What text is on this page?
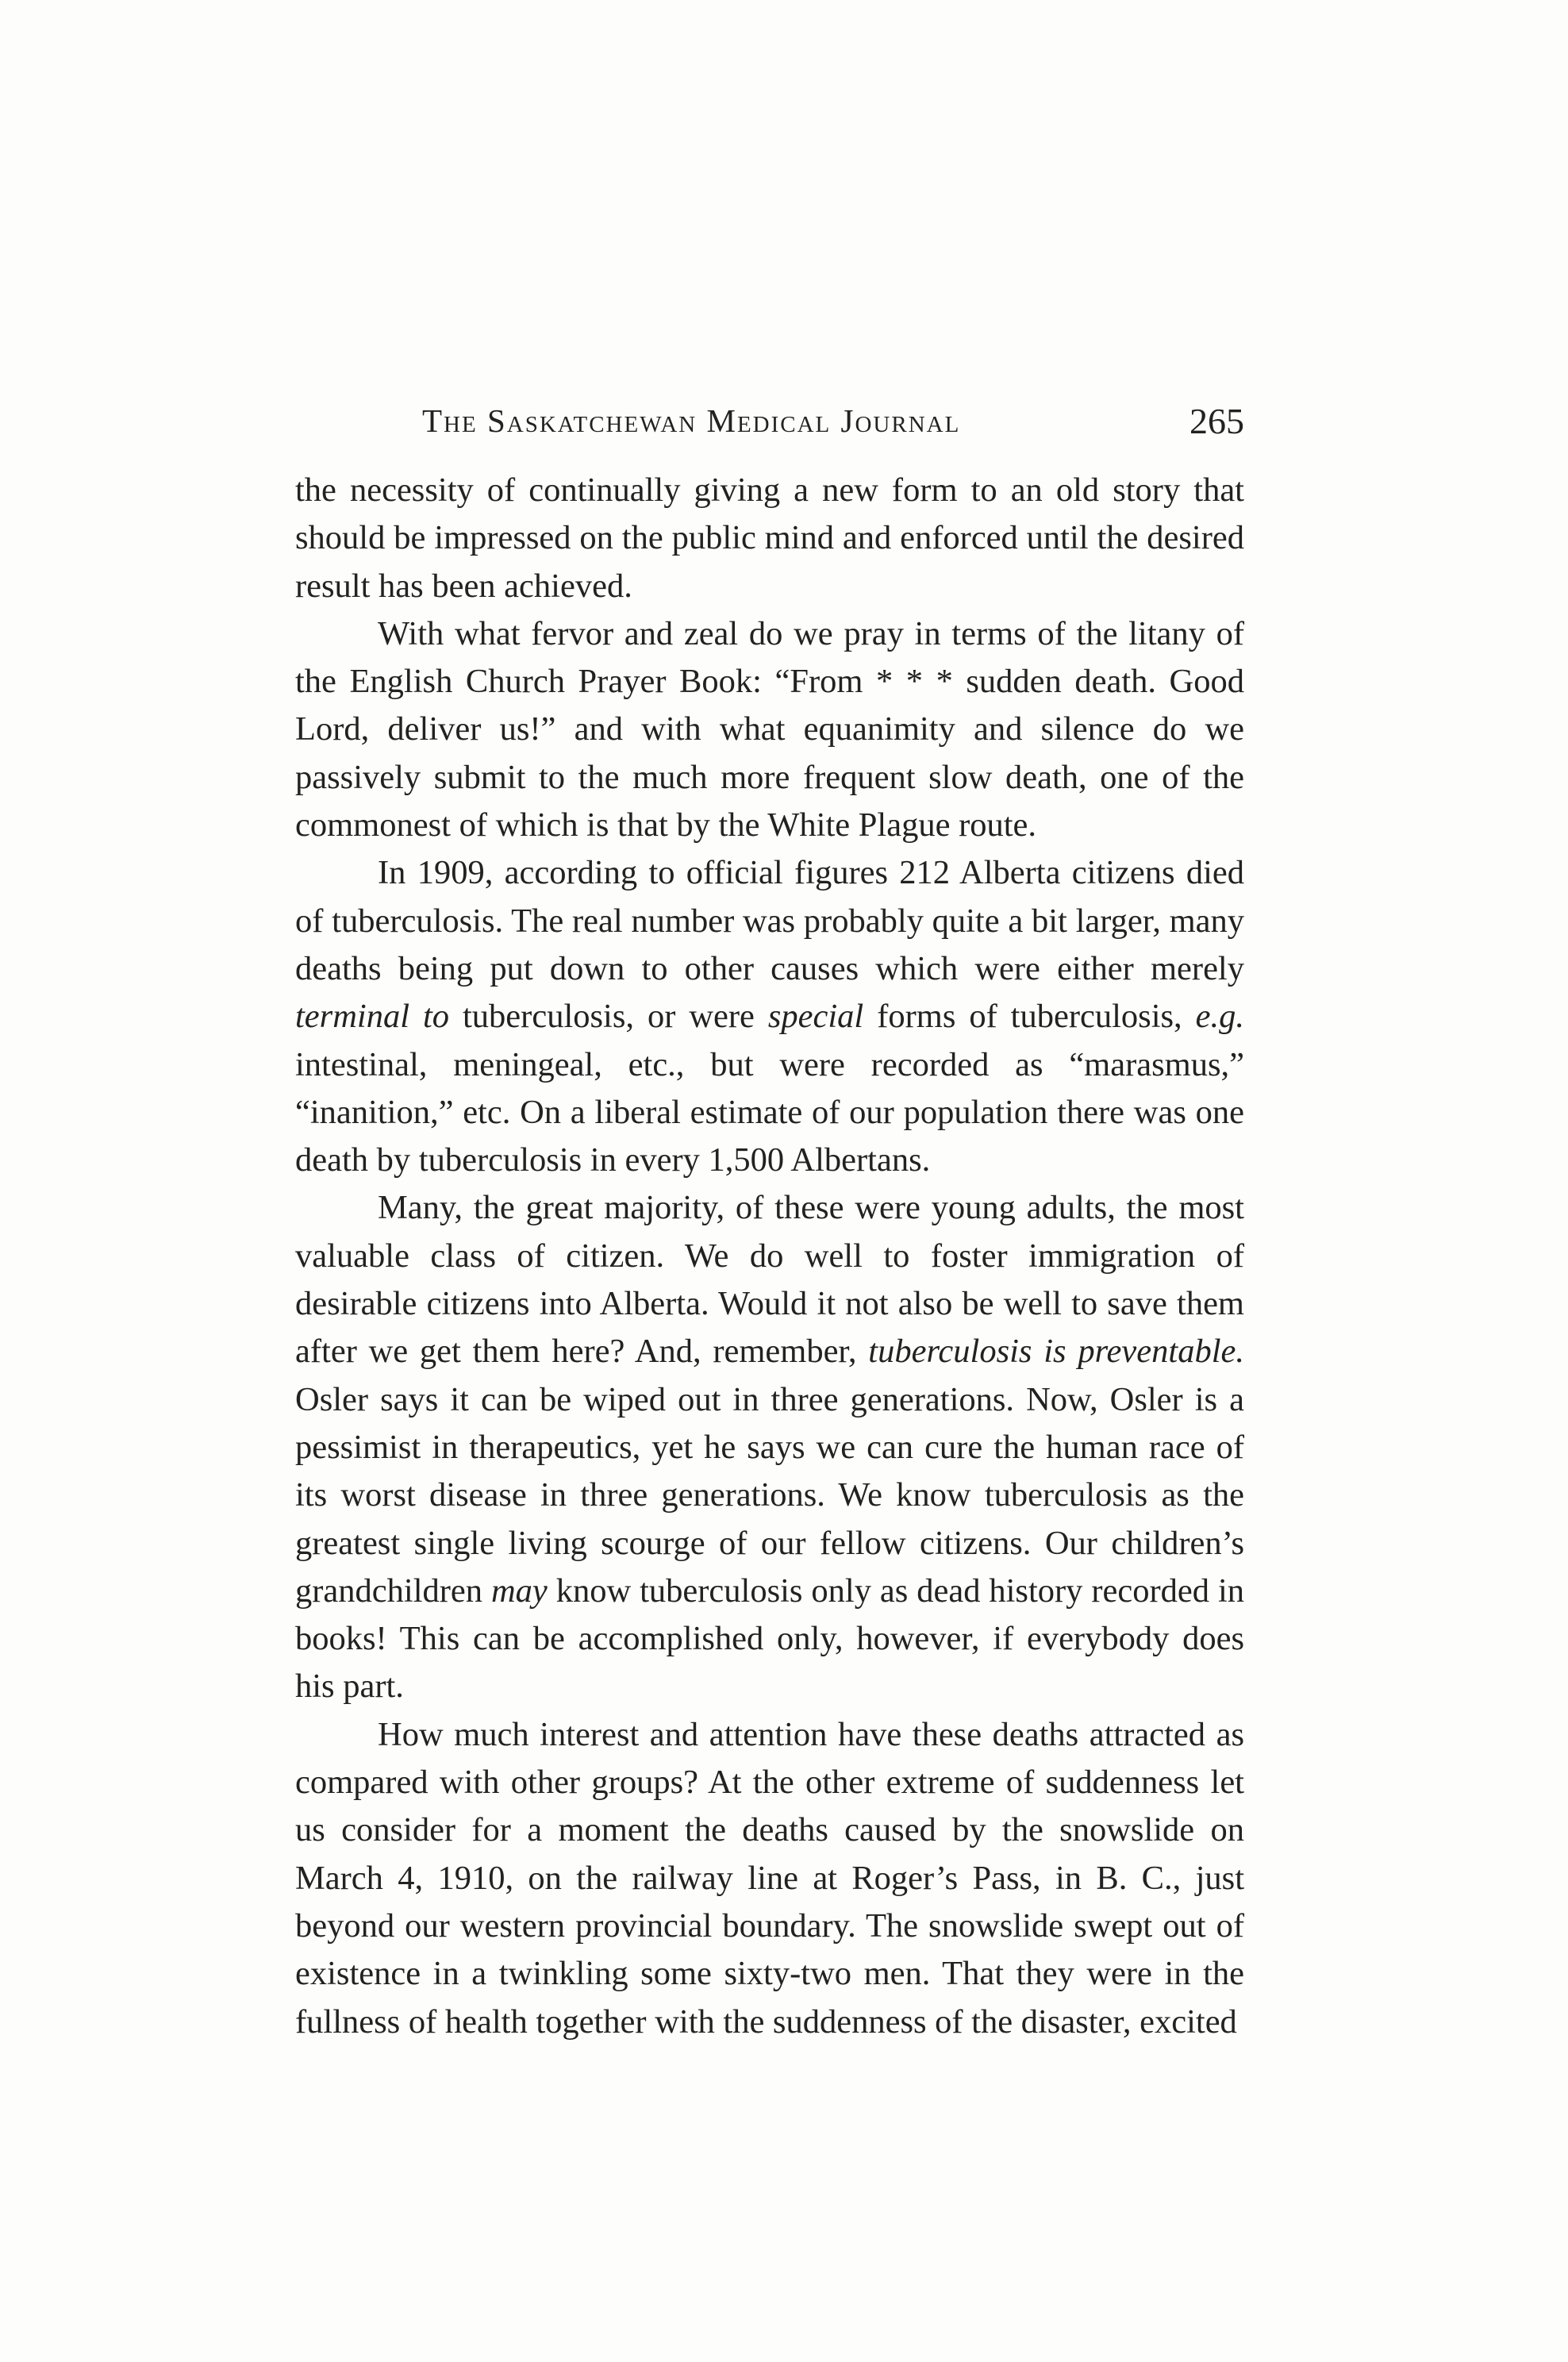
The Saskatchewan Medical Journal	265

the necessity of continually giving a new form to an old story that should be impressed on the public mind and enforced until the desired result has been achieved.

With what fervor and zeal do we pray in terms of the litany of the English Church Prayer Book: “From * * * sudden death. Good Lord, deliver us!” and with what equanimity and silence do we passively submit to the much more frequent slow death, one of the commonest of which is that by the White Plague route.

In 1909, according to official figures 212 Alberta citizens died of tuberculosis. The real number was probably quite a bit larger, many deaths being put down to other causes which were either merely terminal to tuberculosis, or were special forms of tuberculosis, e.g. intestinal, meningeal, etc., but were recorded as “marasmus,” “inanition,” etc. On a liberal estimate of our population there was one death by tuberculosis in every 1,500 Albertans.

Many, the great majority, of these were young adults, the most valuable class of citizen. We do well to foster immigration of desirable citizens into Alberta. Would it not also be well to save them after we get them here? And, remember, tuberculosis is preventable. Osler says it can be wiped out in three generations. Now, Osler is a pessimist in therapeutics, yet he says we can cure the human race of its worst disease in three generations. We know tuberculosis as the greatest single living scourge of our fellow citizens. Our children’s grandchildren may know tuberculosis only as dead history recorded in books! This can be accomplished only, however, if everybody does his part.

How much interest and attention have these deaths attracted as compared with other groups? At the other extreme of suddenness let us consider for a moment the deaths caused by the snowslide on March 4, 1910, on the railway line at Roger’s Pass, in B. C., just beyond our western provincial boundary. The snowslide swept out of existence in a twinkling some sixty-two men. That they were in the fullness of health together with the suddenness of the disaster, excited
